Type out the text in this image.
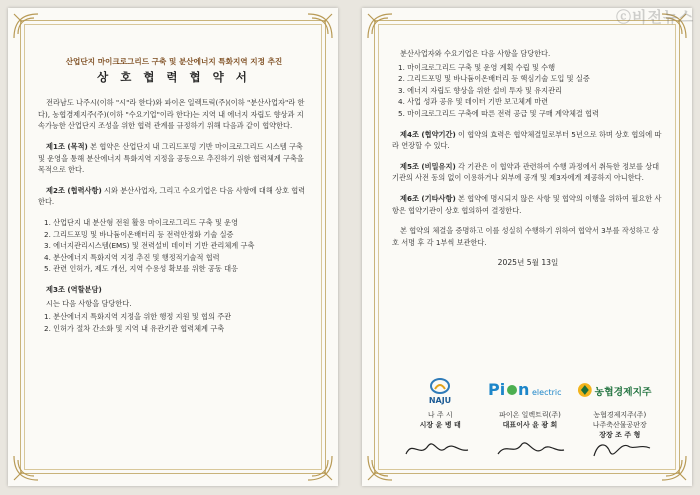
산업단지 마이크로그리드 구축 및 분산에너지 특화지역 지정 추진
상 호 협 력 협 약 서

전라남도 나주시(이하 "시"라 한다)와 파이온 일렉트릭(주)(이하 "분산사업자"라 한다), 농협경제지주(주)(이하 "수요기업"이라 한다)는 지역 내 에너지 자립도 향상과 지속가능한 산업단지 조성을 위한 협력 관계를 규정하기 위해 다음과 같이 협약한다.

제1조 (목적) 본 협약은 산업단지 내 그리드포밍 기반 마이크로그리드 시스템 구축 및 운영을 통해 분산에너지 특화지역 지정을 공동으로 추진하기 위한 협력체계 구축을 목적으로 한다.

제2조 (협력사항) 시와 분산사업자, 그리고 수요기업은 다음 사항에 대해 상호 협력한다.

1. 산업단지 내 분산형 전원 활용 마이크로그리드 구축 및 운영
2. 그리드포밍 및 바나듐이온배터리 등 전력안정화 기술 실증
3. 에너지관리시스템(EMS) 및 전력설비 데이터 기반 관리체계 구축
4. 분산에너지 특화지역 지정 추진 및 행정적기술적 협력
5. 관련 인허가, 제도 개선, 지역 수용성 확보를 위한 공동 대응

제3조 (역할분담)

시는 다음 사항을 담당한다.

1. 분산에너지 특화지역 지정을 위한 행정 지원 및 협의 주관
2. 인허가 절차 간소화 및 지역 내 유관기관 협력체계 구축

분산사업자와 수요기업은 다음 사항을 담당한다.

1. 마이크로그리드 구축 및 운영 계획 수립 및 수행
2. 그리드포밍 및 바나듐이온배터리 등 핵심기술 도입 및 실증
3. 에너지 자립도 향상을 위한 설비 투자 및 유지관리
4. 사업 성과 공유 및 데이터 기반 보고체계 마련
5. 마이크로그리드 구축에 따른 전력 공급 및 구매 계약체결 협력

제4조 (협약기간) 이 협약의 효력은 협약체결일로부터 5년으로 하며 상호 협의에 따라 연장할 수 있다.

제5조 (비밀유지) 각 기관은 이 협약과 관련하여 수행 과정에서 취득한 정보를 상대 기관의 사전 동의 없이 이용하거나 외부에 공개 및 제3자에게 제공하지 아니한다.

제6조 (기타사항) 본 협약에 명시되지 않은 사항 및 협약의 이행을 위하여 필요한 사항은 협약기관이 상호 협의하여 결정한다.

본 협약의 체결을 증명하고 이를 성실히 수행하기 위하여 협약서 3부를 작성하고 상호 서명 후 각 1부씩 보관한다.

2025년 5월 13일
NAJU
나 주 시
시장 윤 병 태
Pi n electric
파이온 일렉트릭(주)
대표이사 윤 광 희
농협경제지주
농협경제지주(주)
나주축산물공판장
장장 조 주 형
ⓒ비전뉴스
